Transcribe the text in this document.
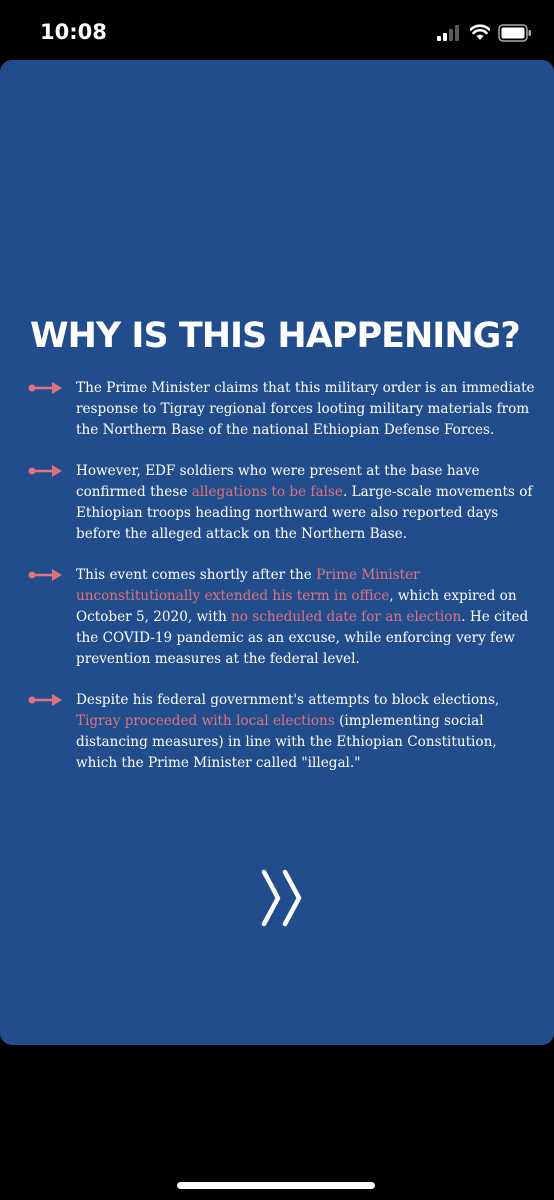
10:08
WHY IS THIS HAPPENING?
The Prime Minister claims that this military order is an immediate response to Tigray regional forces looting military materials from the Northern Base of the national Ethiopian Defense Forces.
However, EDF soldiers who were present at the base have confirmed these allegations to be false. Large-scale movements of Ethiopian troops heading northward were also reported days before the alleged attack on the Northern Base.
This event comes shortly after the Prime Minister unconstitutionally extended his term in office, which expired on October 5, 2020, with no scheduled date for an election. He cited the COVID-19 pandemic as an excuse, while enforcing very few prevention measures at the federal level.
Despite his federal government's attempts to block elections, Tigray proceeded with local elections (implementing social distancing measures) in line with the Ethiopian Constitution, which the Prime Minister called "illegal."
